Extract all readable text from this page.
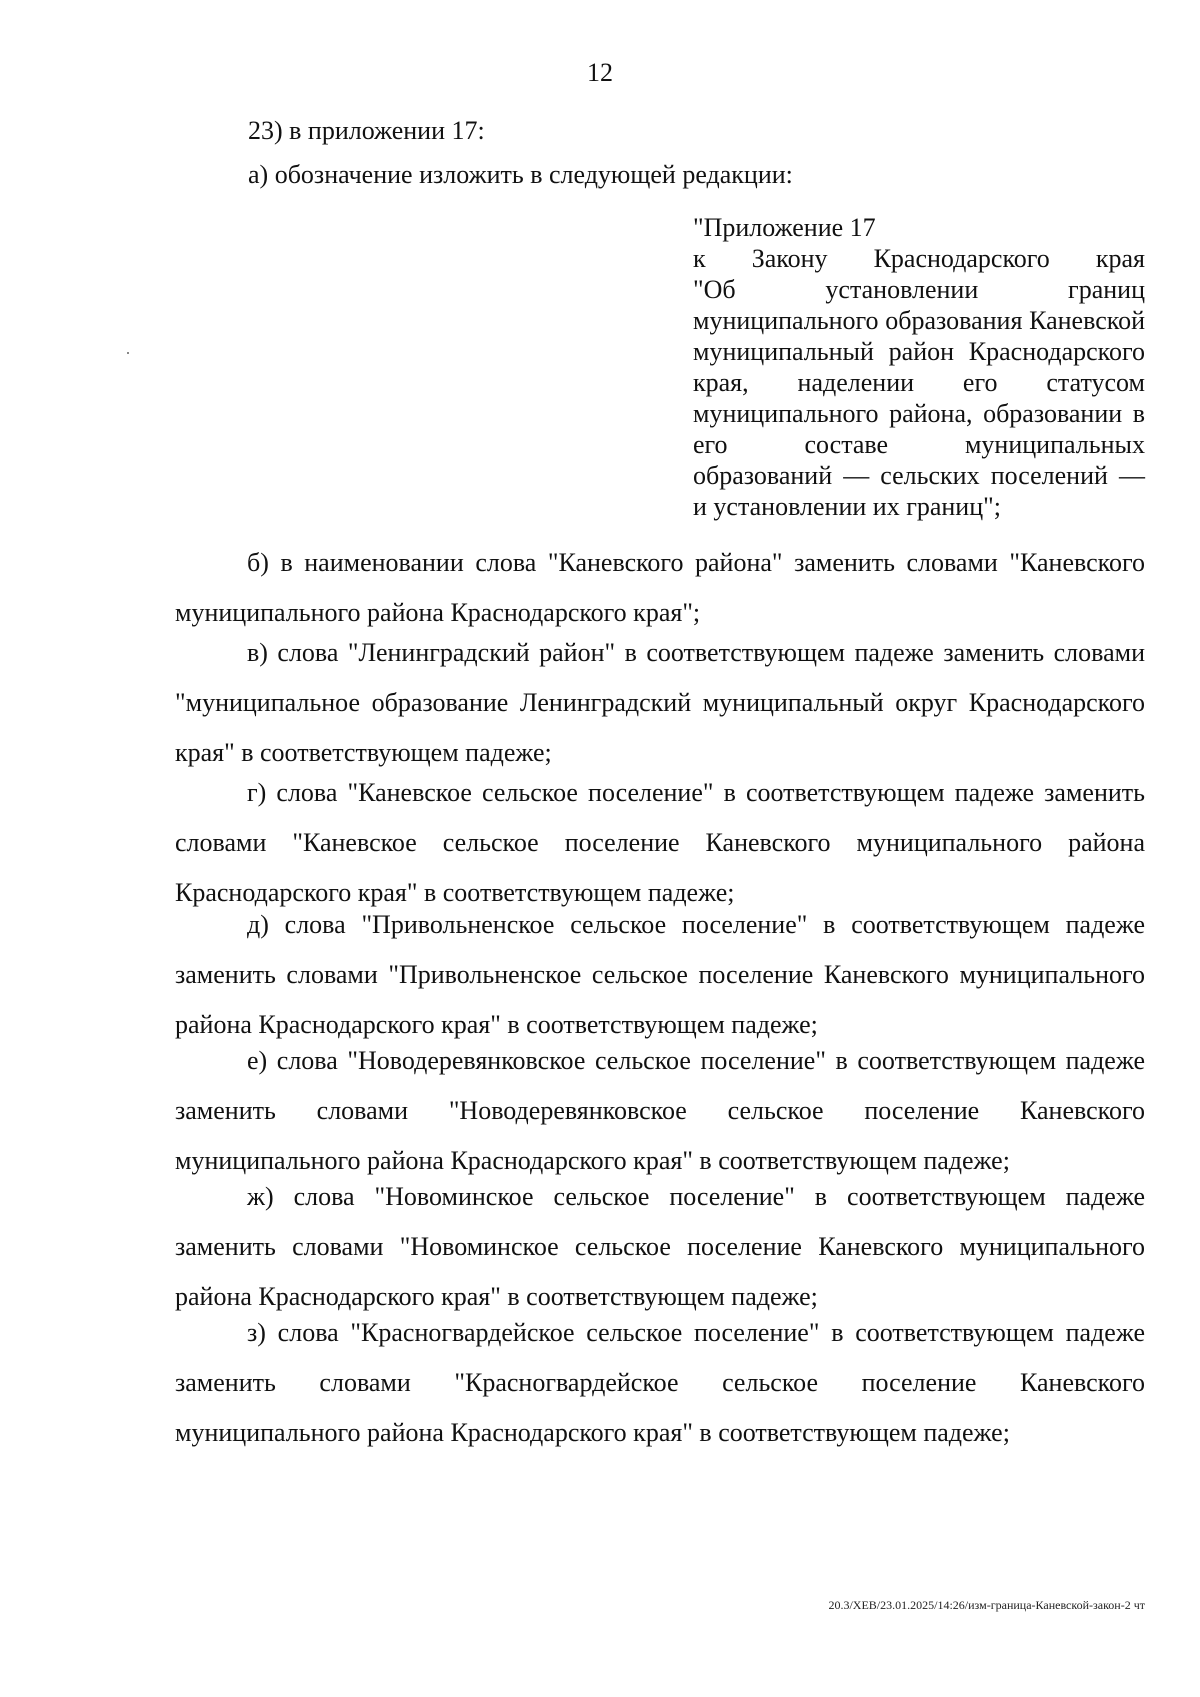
12
23) в приложении 17:
а) обозначение изложить в следующей редакции:
"Приложение 17
к Закону Краснодарского края
"Об установлении границ муниципального образования Каневской муниципальный район Краснодарского края, наделении его статусом муниципального района, образовании в его составе муниципальных образований — сельских поселений — и установлении их границ";

б) в наименовании слова "Каневского района" заменить словами "Каневского муниципального района Краснодарского края";

в) слова "Ленинградский район" в соответствующем падеже заменить словами "муниципальное образование Ленинградский муниципальный округ Краснодарского края" в соответствующем падеже;

г) слова "Каневское сельское поселение" в соответствующем падеже заменить словами "Каневское сельское поселение Каневского муниципального района Краснодарского края" в соответствующем падеже;

д) слова "Привольненское сельское поселение" в соответствующем падеже заменить словами "Привольненское сельское поселение Каневского муниципального района Краснодарского края" в соответствующем падеже;

е) слова "Новодеревянковское сельское поселение" в соответствующем падеже заменить словами "Новодеревянковское сельское поселение Каневского муниципального района Краснодарского края" в соответствующем падеже;

ж) слова "Новоминское сельское поселение" в соответствующем падеже заменить словами "Новоминское сельское поселение Каневского муниципального района Краснодарского края" в соответствующем падеже;

з) слова "Красногвардейское сельское поселение" в соответствующем падеже заменить словами "Красногвардейское сельское поселение Каневского муниципального района Краснодарского края" в соответствующем падеже;

20.3/ХЕВ/23.01.2025/14:26/изм-граница-Каневской-закон-2 чт
